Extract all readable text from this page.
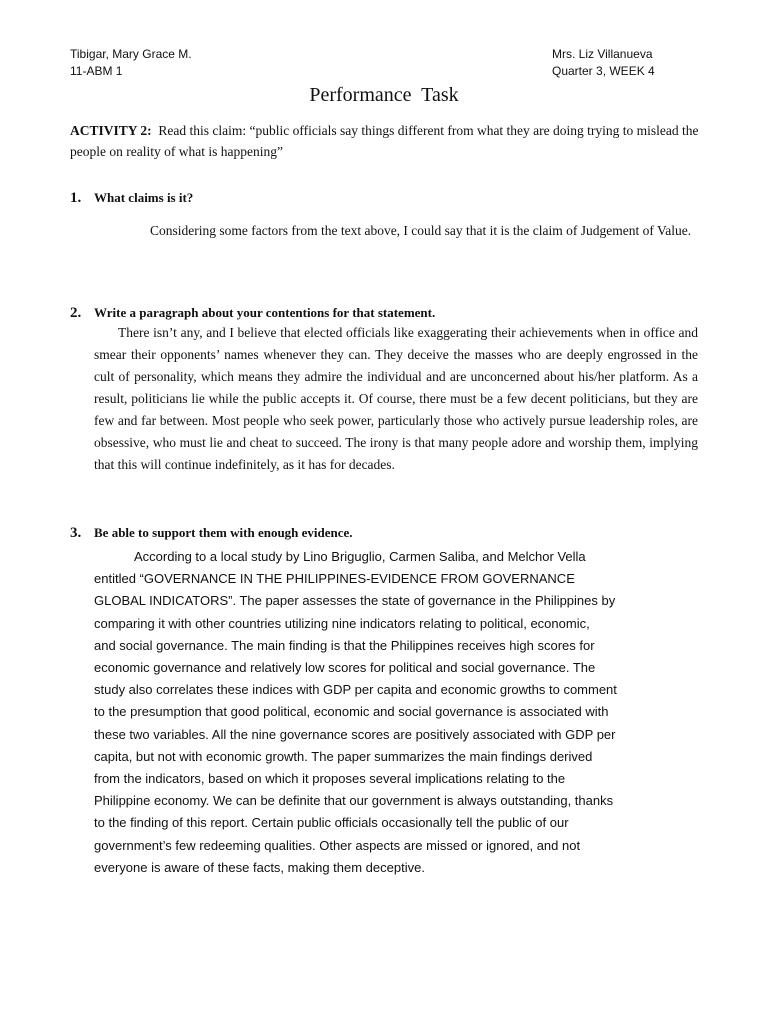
Tibigar, Mary Grace M.
11-ABM 1
Mrs. Liz Villanueva
Quarter 3, WEEK 4
Performance  Task
ACTIVITY 2: Read this claim: “public officials say things different from what they are doing trying to mislead the people on reality of what is happening”
1. What claims is it?
Considering some factors from the text above, I could say that it is the claim of Judgement of Value.
2. Write a paragraph about your contentions for that statement.
There isn’t any, and I believe that elected officials like exaggerating their achievements when in office and smear their opponents’ names whenever they can. They deceive the masses who are deeply engrossed in the cult of personality, which means they admire the individual and are unconcerned about his/her platform. As a result, politicians lie while the public accepts it. Of course, there must be a few decent politicians, but they are few and far between. Most people who seek power, particularly those who actively pursue leadership roles, are obsessive, who must lie and cheat to succeed. The irony is that many people adore and worship them, implying that this will continue indefinitely, as it has for decades.
3. Be able to support them with enough evidence.
According to a local study by Lino Briguglio, Carmen Saliba, and Melchor Vella
entitled “GOVERNANCE IN THE PHILIPPINES-EVIDENCE FROM GOVERNANCE
GLOBAL INDICATORS”. The paper assesses the state of governance in the Philippines by
comparing it with other countries utilizing nine indicators relating to political, economic,
and social governance. The main finding is that the Philippines receives high scores for
economic governance and relatively low scores for political and social governance. The
study also correlates these indices with GDP per capita and economic growths to comment
to the presumption that good political, economic and social governance is associated with
these two variables. All the nine governance scores are positively associated with GDP per
capita, but not with economic growth. The paper summarizes the main findings derived
from the indicators, based on which it proposes several implications relating to the
Philippine economy. We can be definite that our government is always outstanding, thanks
to the finding of this report. Certain public officials occasionally tell the public of our
government’s few redeeming qualities. Other aspects are missed or ignored, and not
everyone is aware of these facts, making them deceptive.
